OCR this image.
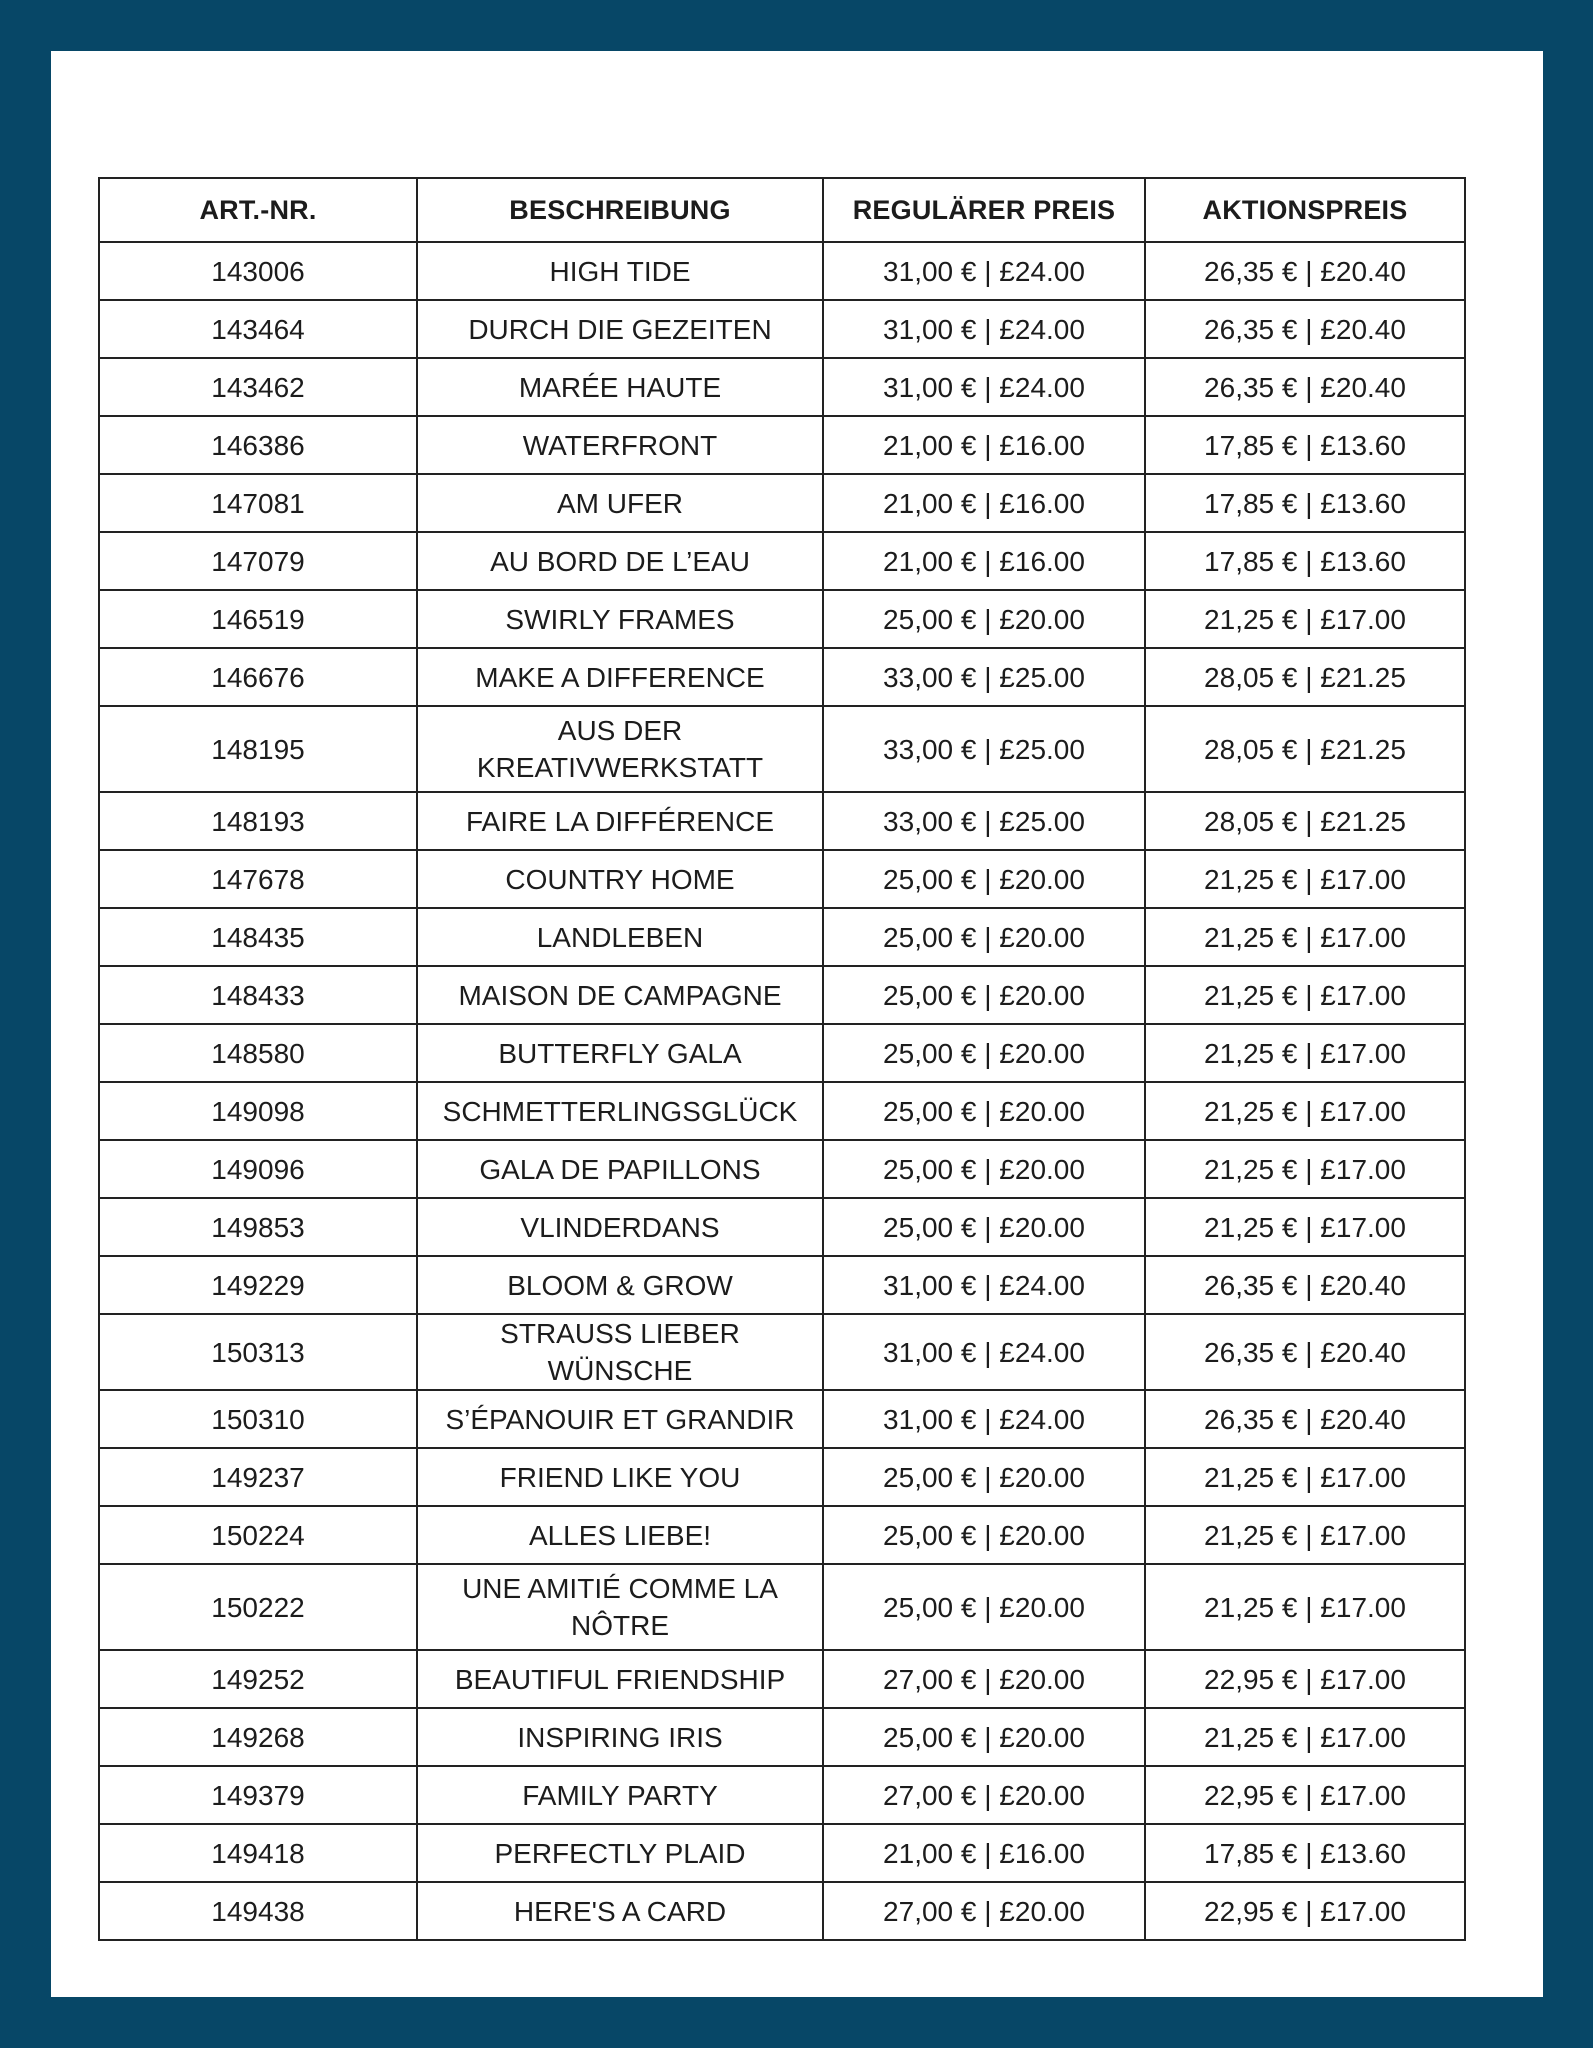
ART.-NR.	BESCHREIBUNG	REGULÄRER PREIS	AKTIONSPREIS
143006	HIGH TIDE	31,00 € | £24.00	26,35 € | £20.40
143464	DURCH DIE GEZEITEN	31,00 € | £24.00	26,35 € | £20.40
143462	MARÉE HAUTE	31,00 € | £24.00	26,35 € | £20.40
146386	WATERFRONT	21,00 € | £16.00	17,85 € | £13.60
147081	AM UFER	21,00 € | £16.00	17,85 € | £13.60
147079	AU BORD DE L’EAU	21,00 € | £16.00	17,85 € | £13.60
146519	SWIRLY FRAMES	25,00 € | £20.00	21,25 € | £17.00
146676	MAKE A DIFFERENCE	33,00 € | £25.00	28,05 € | £21.25
148195	AUS DER KREATIVWERKSTATT	33,00 € | £25.00	28,05 € | £21.25
148193	FAIRE LA DIFFÉRENCE	33,00 € | £25.00	28,05 € | £21.25
147678	COUNTRY HOME	25,00 € | £20.00	21,25 € | £17.00
148435	LANDLEBEN	25,00 € | £20.00	21,25 € | £17.00
148433	MAISON DE CAMPAGNE	25,00 € | £20.00	21,25 € | £17.00
148580	BUTTERFLY GALA	25,00 € | £20.00	21,25 € | £17.00
149098	SCHMETTERLINGSGLÜCK	25,00 € | £20.00	21,25 € | £17.00
149096	GALA DE PAPILLONS	25,00 € | £20.00	21,25 € | £17.00
149853	VLINDERDANS	25,00 € | £20.00	21,25 € | £17.00
149229	BLOOM & GROW	31,00 € | £24.00	26,35 € | £20.40
150313	STRAUSS LIEBER WÜNSCHE	31,00 € | £24.00	26,35 € | £20.40
150310	S’ÉPANOUIR ET GRANDIR	31,00 € | £24.00	26,35 € | £20.40
149237	FRIEND LIKE YOU	25,00 € | £20.00	21,25 € | £17.00
150224	ALLES LIEBE!	25,00 € | £20.00	21,25 € | £17.00
150222	UNE AMITIÉ COMME LA NÔTRE	25,00 € | £20.00	21,25 € | £17.00
149252	BEAUTIFUL FRIENDSHIP	27,00 € | £20.00	22,95 € | £17.00
149268	INSPIRING IRIS	25,00 € | £20.00	21,25 € | £17.00
149379	FAMILY PARTY	27,00 € | £20.00	22,95 € | £17.00
149418	PERFECTLY PLAID	21,00 € | £16.00	17,85 € | £13.60
149438	HERE'S A CARD	27,00 € | £20.00	22,95 € | £17.00
